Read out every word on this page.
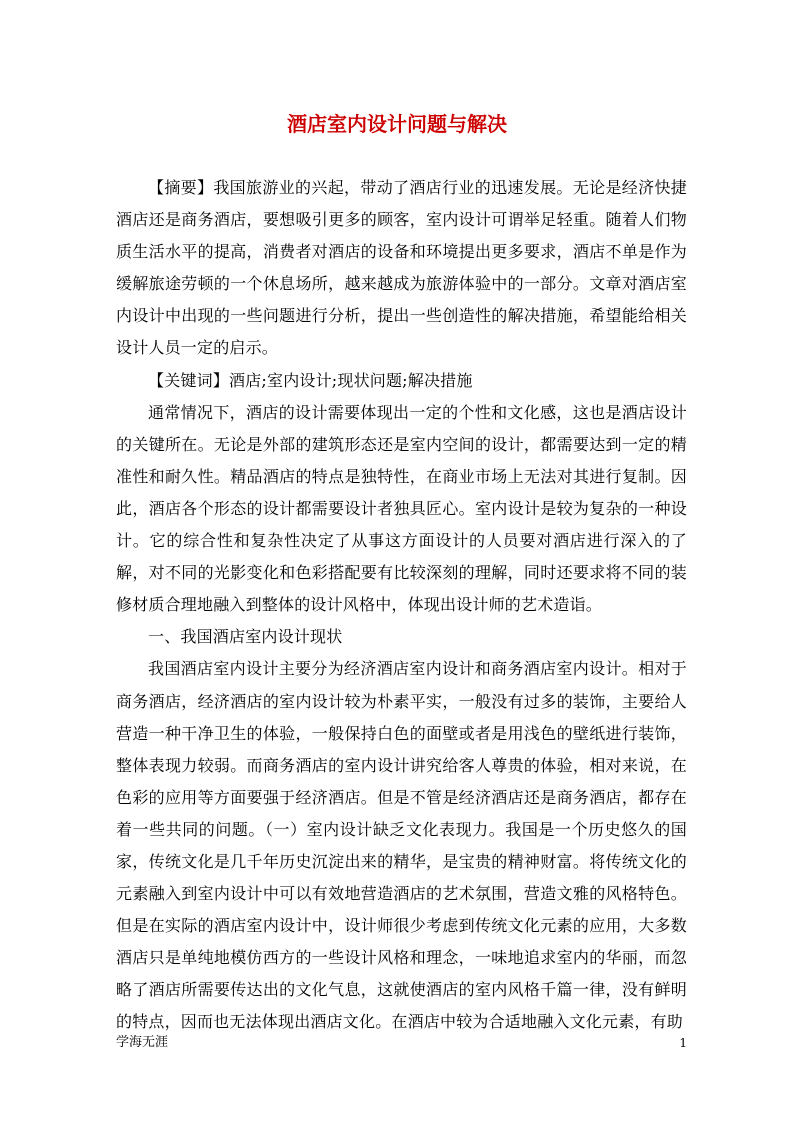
酒店室内设计问题与解决

【摘要】我国旅游业的兴起，带动了酒店行业的迅速发展。无论是经济快捷酒店还是商务酒店，要想吸引更多的顾客，室内设计可谓举足轻重。随着人们物质生活水平的提高，消费者对酒店的设备和环境提出更多要求，酒店不单是作为缓解旅途劳顿的一个休息场所，越来越成为旅游体验中的一部分。文章对酒店室内设计中出现的一些问题进行分析，提出一些创造性的解决措施，希望能给相关设计人员一定的启示。

【关键词】酒店;室内设计;现状问题;解决措施

通常情况下，酒店的设计需要体现出一定的个性和文化感，这也是酒店设计的关键所在。无论是外部的建筑形态还是室内空间的设计，都需要达到一定的精准性和耐久性。精品酒店的特点是独特性，在商业市场上无法对其进行复制。因此，酒店各个形态的设计都需要设计者独具匠心。室内设计是较为复杂的一种设计。它的综合性和复杂性决定了从事这方面设计的人员要对酒店进行深入的了解，对不同的光影变化和色彩搭配要有比较深刻的理解，同时还要求将不同的装修材质合理地融入到整体的设计风格中，体现出设计师的艺术造诣。

一、我国酒店室内设计现状

我国酒店室内设计主要分为经济酒店室内设计和商务酒店室内设计。相对于商务酒店，经济酒店的室内设计较为朴素平实，一般没有过多的装饰，主要给人营造一种干净卫生的体验，一般保持白色的面壁或者是用浅色的壁纸进行装饰，整体表现力较弱。而商务酒店的室内设计讲究给客人尊贵的体验，相对来说，在色彩的应用等方面要强于经济酒店。但是不管是经济酒店还是商务酒店，都存在着一些共同的问题。（一）室内设计缺乏文化表现力。我国是一个历史悠久的国家，传统文化是几千年历史沉淀出来的精华，是宝贵的精神财富。将传统文化的元素融入到室内设计中可以有效地营造酒店的艺术氛围，营造文雅的风格特色。但是在实际的酒店室内设计中，设计师很少考虑到传统文化元素的应用，大多数酒店只是单纯地模仿西方的一些设计风格和理念，一味地追求室内的华丽，而忽略了酒店所需要传达出的文化气息，这就使酒店的室内风格千篇一律，没有鲜明的特点，因而也无法体现出酒店文化。在酒店中较为合适地融入文化元素，有助

学海无涯	1
